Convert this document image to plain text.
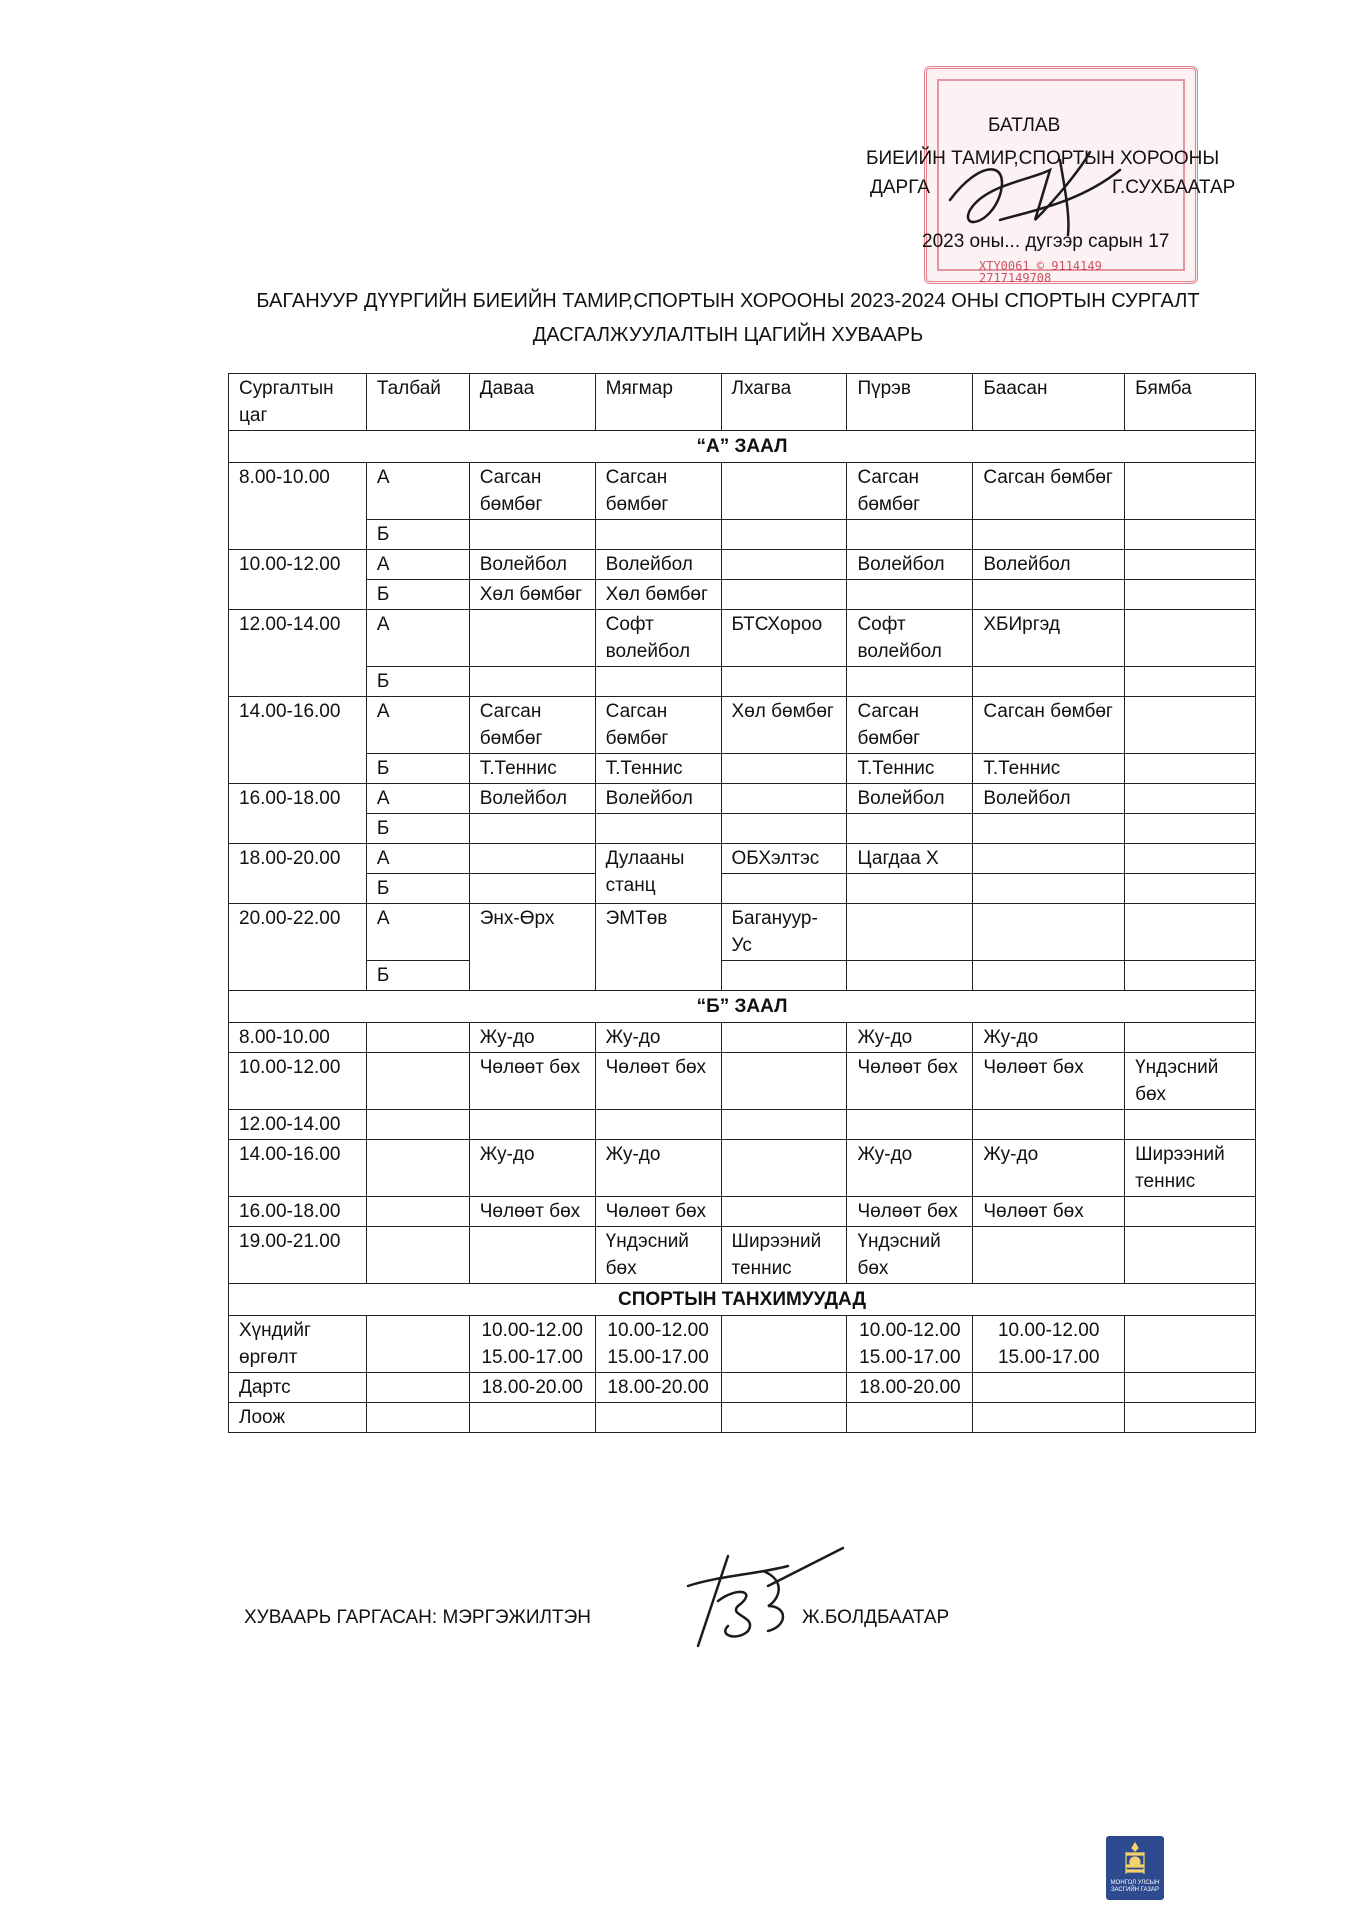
XTY0061 © 9114149
2717149708
БАТЛАВ
БИЕИЙН ТАМИР,СПОРТЫН ХОРООНЫ
ДАРГА	Г.СУХБААТАР
2023 оны... дугээр сарын 17
БАГАНУУР ДҮҮРГИЙН БИЕИЙН ТАМИР,СПОРТЫН ХОРООНЫ 2023-2024 ОНЫ СПОРТЫН СУРГАЛТ
ДАСГАЛЖУУЛАЛТЫН ЦАГИЙН ХУВААРЬ
Сургалтын цаг	Талбай	Даваа	Мягмар	Лхагва	Пүрэв	Баасан	Бямба
“А” ЗААЛ							
8.00-10.00	А	Сагсан бөмбөг	Сагсан бөмбөг		Сагсан бөмбөг	Сагсан бөмбөг	
	Б						
10.00-12.00	А	Волейбол	Волейбол		Волейбол	Волейбол	
	Б	Хөл бөмбөг	Хөл бөмбөг				
12.00-14.00	А		Софт волейбол	БТСХороо	Софт волейбол	ХБИргэд	
	Б						
14.00-16.00	А	Сагсан бөмбөг	Сагсан бөмбөг	Хөл бөмбөг	Сагсан бөмбөг	Сагсан бөмбөг	
	Б	Т.Теннис	Т.Теннис		Т.Теннис	Т.Теннис	
16.00-18.00	А	Волейбол	Волейбол		Волейбол	Волейбол	
	Б						
18.00-20.00	А		Дулааны станц	ОБХэлтэс	Цагдаа Х		
	Б						
20.00-22.00	А	Энх-Өрх	ЭМТөв	Багануур-Ус			
	Б						
“Б” ЗААЛ							
8.00-10.00		Жу-до	Жу-до		Жу-до	Жу-до	
10.00-12.00		Чөлөөт бөх	Чөлөөт бөх		Чөлөөт бөх	Чөлөөт бөх	Үндэсний бөх
12.00-14.00							
14.00-16.00		Жу-до	Жу-до		Жу-до	Жу-до	Ширээний теннис
16.00-18.00		Чөлөөт бөх	Чөлөөт бөх		Чөлөөт бөх	Чөлөөт бөх	
19.00-21.00			Үндэсний бөх	Ширээний теннис	Үндэсний бөх		
СПОРТЫН ТАНХИМУУДАД							
Хүндийг өргөлт		10.00-12.00 15.00-17.00	10.00-12.00 15.00-17.00		10.00-12.00 15.00-17.00	10.00-12.00 15.00-17.00	
Дартс		18.00-20.00	18.00-20.00		18.00-20.00		
Лоож							
ХУВААРЬ ГАРГАСАН: МЭРГЭЖИЛТЭН	Ж.БОЛДБААТАР
МОНГОЛ УЛСЫН ЗАСГИЙН ГАЗАР
